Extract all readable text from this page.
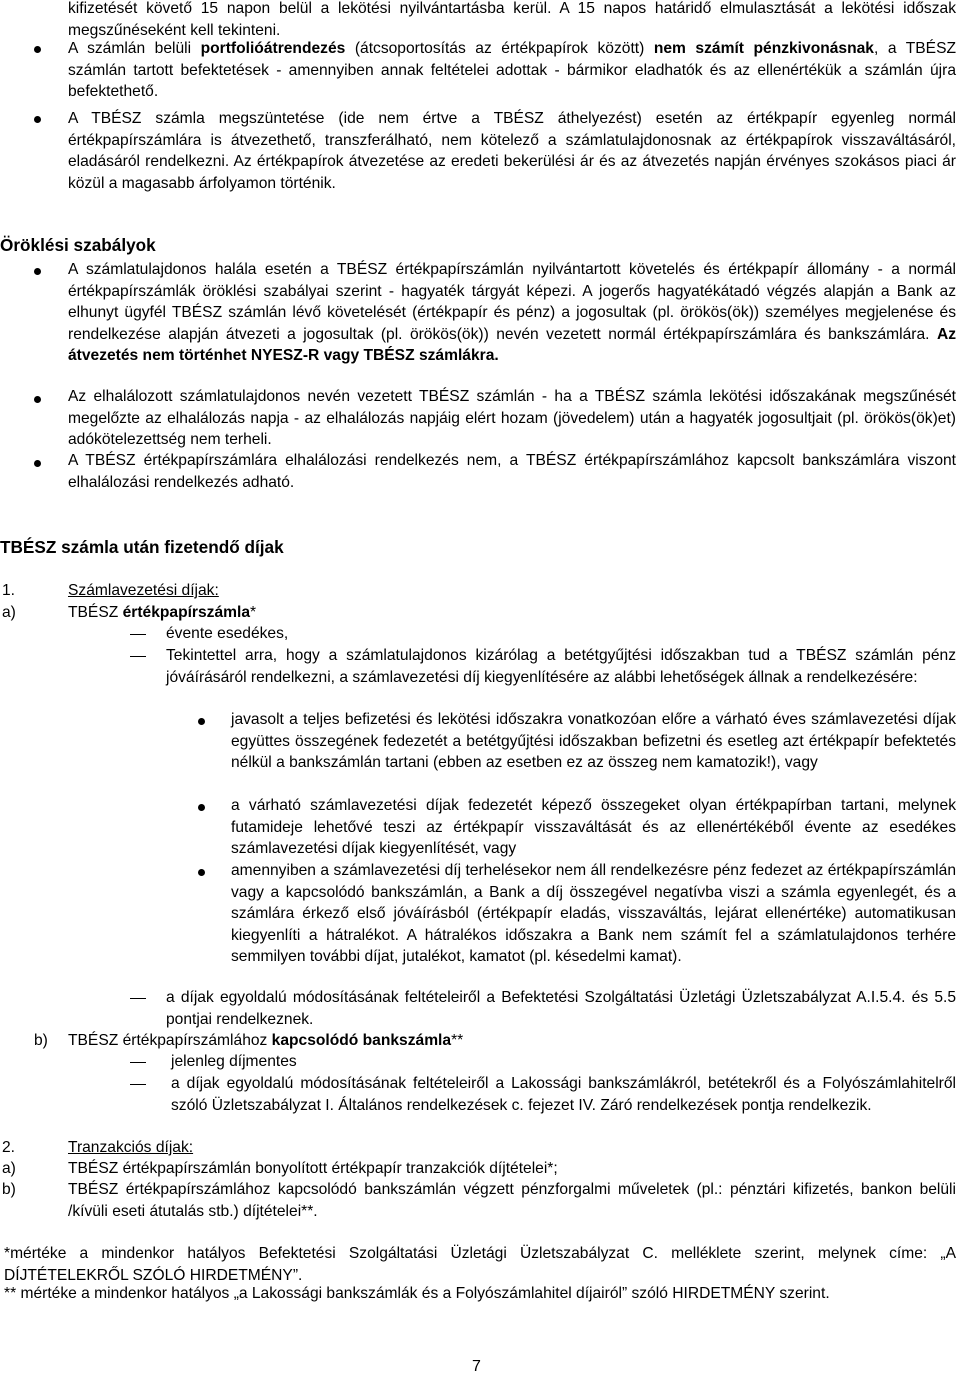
kifizetését követő 15 napon belül a lekötési nyilvántartásba kerül. A 15 napos határidő elmulasztását a lekötési időszak megszűnéseként kell tekinteni.
A számlán belüli portfolióátrendezés (átcsoportosítás az értékpapírok között) nem számít pénzkivonásnak, a TBÉSZ számlán tartott befektetések - amennyiben annak feltételei adottak - bármikor eladhatók és az ellenértékük a számlán újra befektethető.
A TBÉSZ számla megszüntetése (ide nem értve a TBÉSZ áthelyezést) esetén az értékpapír egyenleg normál értékpapírszámlára is átvezethető, transzferálható, nem kötelező a számlatulajdonosnak az értékpapírok visszaváltásáról, eladásáról rendelkezni. Az értékpapírok átvezetése az eredeti bekerülési ár és az átvezetés napján érvényes szokásos piaci ár közül a magasabb árfolyamon történik.
Öröklési szabályok
A számlatulajdonos halála esetén a TBÉSZ értékpapírszámlán nyilvántartott követelés és értékpapír állomány - a normál értékpapírszámlák öröklési szabályai szerint - hagyaték tárgyát képezi. A jogerős hagyatékátadó végzés alapján a Bank az elhunyt ügyfél TBÉSZ számlán lévő követelését (értékpapír és pénz) a jogosultak (pl. örökös(ök)) személyes megjelenése és rendelkezése alapján átvezeti a jogosultak (pl. örökös(ök)) nevén vezetett normál értékpapírszámlára és bankszámlára. Az átvezetés nem történhet NYESZ-R vagy TBÉSZ számlákra.
Az elhalálozott számlatulajdonos nevén vezetett TBÉSZ számlán - ha a TBÉSZ számla lekötési időszakának megszűnését megelőzte az elhalálozás napja - az elhalálozás napjáig elért hozam (jövedelem) után a hagyaték jogosultjait (pl. örökös(ök)et) adókötelezettség nem terheli.
A TBÉSZ értékpapírszámlára elhalálozási rendelkezés nem, a TBÉSZ értékpapírszámlához kapcsolt bankszámlára viszont elhalálozási rendelkezés adható.
TBÉSZ számla után fizetendő díjak
1.	Számlavezetési díjak:
a)	TBÉSZ értékpapírszámla*
évente esedékes,
Tekintettel arra, hogy a számlatulajdonos kizárólag a betétgyűjtési időszakban tud a TBÉSZ számlán pénz jóváírásáról rendelkezni, a számlavezetési díj kiegyenlítésére az alábbi lehetőségek állnak a rendelkezésére:
javasolt a teljes befizetési és lekötési időszakra vonatkozóan előre a várható éves számlavezetési díjak együttes összegének fedezetét a betétgyűjtési időszakban befizetni és esetleg azt értékpapír befektetés nélkül a bankszámlán tartani (ebben az esetben ez az összeg nem kamatozik!), vagy
a várható számlavezetési díjak fedezetét képező összegeket olyan értékpapírban tartani, melynek futamideje lehetővé teszi az értékpapír visszaváltását és az ellenértékéből évente az esedékes számlavezetési díjak kiegyenlítését, vagy
amennyiben a számlavezetési díj terhelésekor nem áll rendelkezésre pénz fedezet az értékpapírszámlán vagy a kapcsolódó bankszámlán, a Bank a díj összegével negatívba viszi a számla egyenlegét, és a számlára érkező első jóváírásból (értékpapír eladás, visszaváltás, lejárat ellenértéke) automatikusan kiegyenlíti a hátralékot. A hátralékos időszakra a Bank nem számít fel a számlatulajdonos terhére semmilyen további díjat, jutalékot, kamatot (pl. késedelmi kamat).
a díjak egyoldalú módosításának feltételeiről a Befektetési Szolgáltatási Üzletági Üzletszabályzat A.I.5.4. és 5.5 pontjai rendelkeznek.
b) TBÉSZ értékpapírszámlához kapcsolódó bankszámla**
jelenleg díjmentes
a díjak egyoldalú módosításának feltételeiről a Lakossági bankszámlákról, betétekről és a Folyószámlahitelről szóló Üzletszabályzat I. Általános rendelkezések c. fejezet IV. Záró rendelkezések pontja rendelkezik.
2.	Tranzakciós díjak:
a)	TBÉSZ értékpapírszámlán bonyolított értékpapír tranzakciók díjtételei*;
b)	TBÉSZ értékpapírszámlához kapcsolódó bankszámlán végzett pénzforgalmi műveletek (pl.: pénztári kifizetés, bankon belüli /kívüli eseti átutalás stb.) díjtételei**.
*mértéke a mindenkor hatályos Befektetési Szolgáltatási Üzletági Üzletszabályzat C. melléklete szerint, melynek címe: „A DÍJTÉTELEKRŐL SZÓLÓ HIRDETMÉNY”.
** mértéke a mindenkor hatályos „a Lakossági bankszámlák és a Folyószámlahitel díjairól” szóló HIRDETMÉNY szerint.
7
